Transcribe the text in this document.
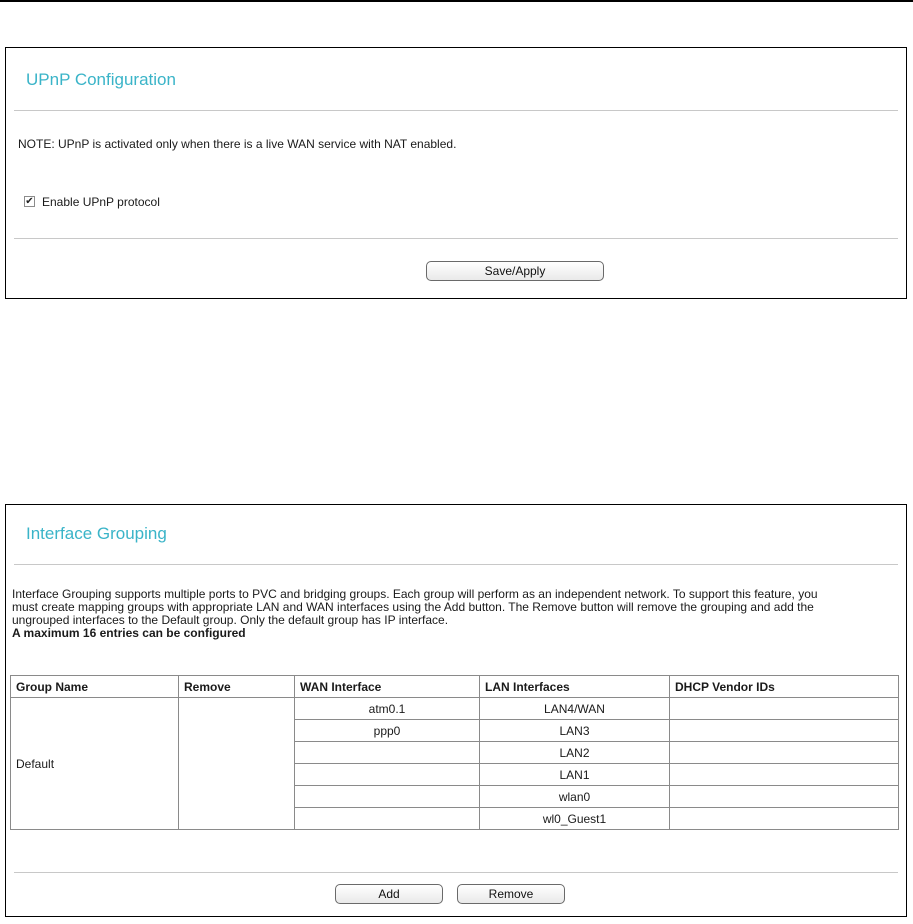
UPnP Configuration
NOTE: UPnP is activated only when there is a live WAN service with NAT enabled.
✔ Enable UPnP protocol
Save/Apply
Interface Grouping
Interface Grouping supports multiple ports to PVC and bridging groups. Each group will perform as an independent network. To support this feature, you
must create mapping groups with appropriate LAN and WAN interfaces using the Add button. The Remove button will remove the grouping and add the
ungrouped interfaces to the Default group. Only the default group has IP interface.
A maximum 16 entries can be configured
Add	Remove
Group Name	Remove	WAN Interface	LAN Interfaces	DHCP Vendor IDs
Default		atm0.1	LAN4/WAN	
		ppp0	LAN3	
			LAN2	
			LAN1	
			wlan0	
			wl0_Guest1	
